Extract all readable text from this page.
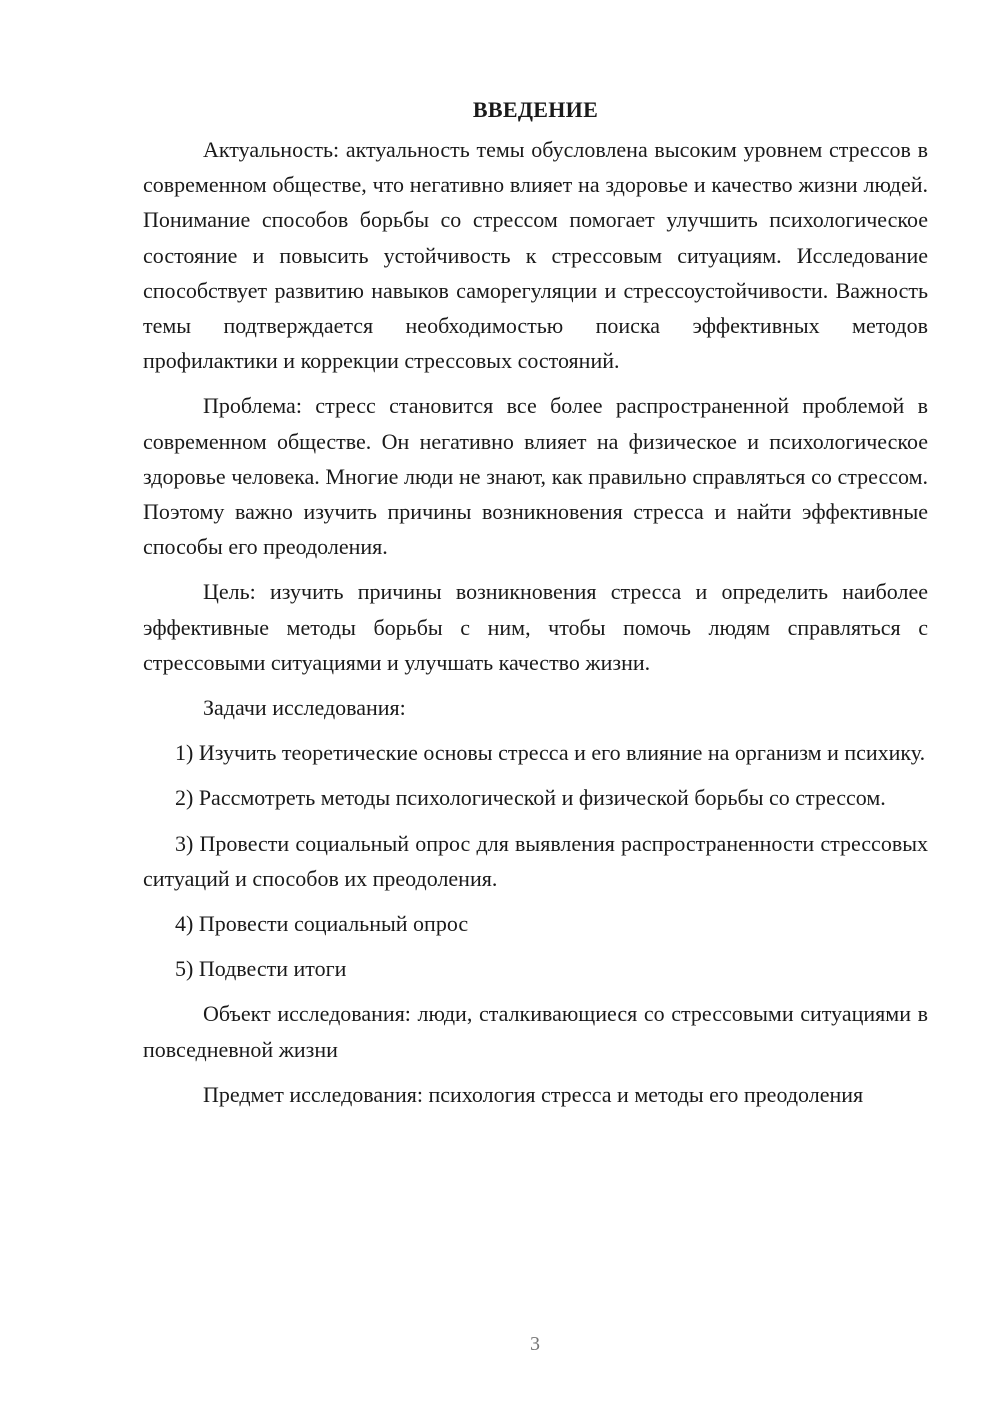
ВВЕДЕНИЕ

Актуальность: актуальность темы обусловлена высоким уровнем стрессов в современном обществе, что негативно влияет на здоровье и качество жизни людей. Понимание способов борьбы со стрессом помогает улучшить психологическое состояние и повысить устойчивость к стрессовым ситуациям. Исследование способствует развитию навыков саморегуляции и стрессоустойчивости. Важность темы подтверждается необходимостью поиска эффективных методов профилактики и коррекции стрессовых состояний.

Проблема: стресс становится все более распространенной проблемой в современном обществе. Он негативно влияет на физическое и психологическое здоровье человека. Многие люди не знают, как правильно справляться со стрессом. Поэтому важно изучить причины возникновения стресса и найти эффективные способы его преодоления.

Цель: изучить причины возникновения стресса и определить наиболее эффективные методы борьбы с ним, чтобы помочь людям справляться с стрессовыми ситуациями и улучшать качество жизни.

Задачи исследования:

1) Изучить теоретические основы стресса и его влияние на организм и психику.

2) Рассмотреть методы психологической и физической борьбы со стрессом.

3) Провести социальный опрос для выявления распространенности стрессовых ситуаций и способов их преодоления.

4) Провести социальный опрос

5) Подвести итоги

Объект исследования: люди, сталкивающиеся со стрессовыми ситуациями в повседневной жизни

Предмет исследования: психология стресса и методы его преодоления

3
